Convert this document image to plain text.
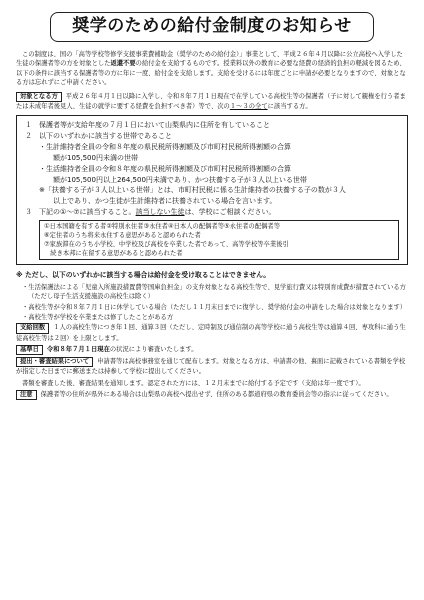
奨学のための給付金制度のお知らせ

この制度は、国の「高等学校等修学支援事業費補助金（奨学のための給付金）」事業として、平成２６年４月以降に公立高校へ入学した生徒の保護者等の方を対象とした返還不要の給付金を支給するものです。授業料以外の教育に必要な経費の経済的負担の軽減を図るため、以下の条件に該当する保護者等の方に年に一度、給付金を支給します。支給を受けるには年度ごとに申請が必要となりますので、対象となる方は忘れずにご申請ください。

対象となる方 平成２６年４月１日以降に入学し、令和８年７月１日現在で在学している高校生等の保護者（子に対して親権を行う者または未成年者後見人、生徒の就学に要する経費を負担すべき者）等で、次の１～３の全てに該当する方。

１　保護者等が支給年度の７月１日において山梨県内に住所を有していること
２　以下のいずれかに該当する世帯であること
・生計維持者全員の令和８年度の県民税所得割額及び市町村民税所得割額の合算
額が105,500円未満の世帯
・生活維持者全員の令和８年度の県民税所得割額及び市町村民税所得割額の合算
額が105,500円以上264,500円未満であり、かつ扶養する子が３人以上いる世帯
※「扶養する子が３人以上いる世帯」とは、市町村民税に係る生計維持者の扶養する子の数が３人
以上であり、かつ生徒が生計維持者に扶養されている場合を言います。
３　下記の①～⑦に該当すること。該当しない生徒は、学校にご相談ください。
①日本国籍を有する者②特別永住者③永住者④日本人の配偶者等⑤永住者の配偶者等
⑥定住者のうち将来永住する意思があると認められた者
⑦家族滞在のうち小学校、中学校及び高校を卒業した者であって、高等学校等卒業後引
　続き本邦に在留する意思があると認められた者

※ ただし、以下のいずれかに該当する場合は給付金を受け取ることはできません。

・生活保護法による「児童入所施設措置費等国庫負担金」の支弁対象となる高校生等で、見学旅行費又は特別育成費が措置されている方（ただし母子生活支援施設の高校生は除く）

・高校生等が令和８年７月１日に休学している場合（ただし１１月末日までに復学し、奨学給付金の申請をした場合は対象となります）

・高校生等が学校を卒業または修了したことがある方

支給回数 １人の高校生等につき年１回、通算３回（ただし、定時制及び通信制の高等学校に通う高校生等は通算４回、専攻科に通う生徒高校生等は２回）を上限とします。

基準日 令和８年７月１日現在の状況により審査いたします。

提出・審査結果について 申請書等は高校事務室を通じて配布します。対象となる方は、申請書の他、裏面に記載されている書類を学校が指定した日までに郵送または持参して学校に提出してください。

書類を審査した後、審査結果を通知します。認定された方には、１２月末までに給付する予定です（支給は年一度です）。

注意 保護者等の住所が県外にある場合は山梨県の高校へ提出せず、住所のある都道府県の教育委員会等の指示に従ってください。
